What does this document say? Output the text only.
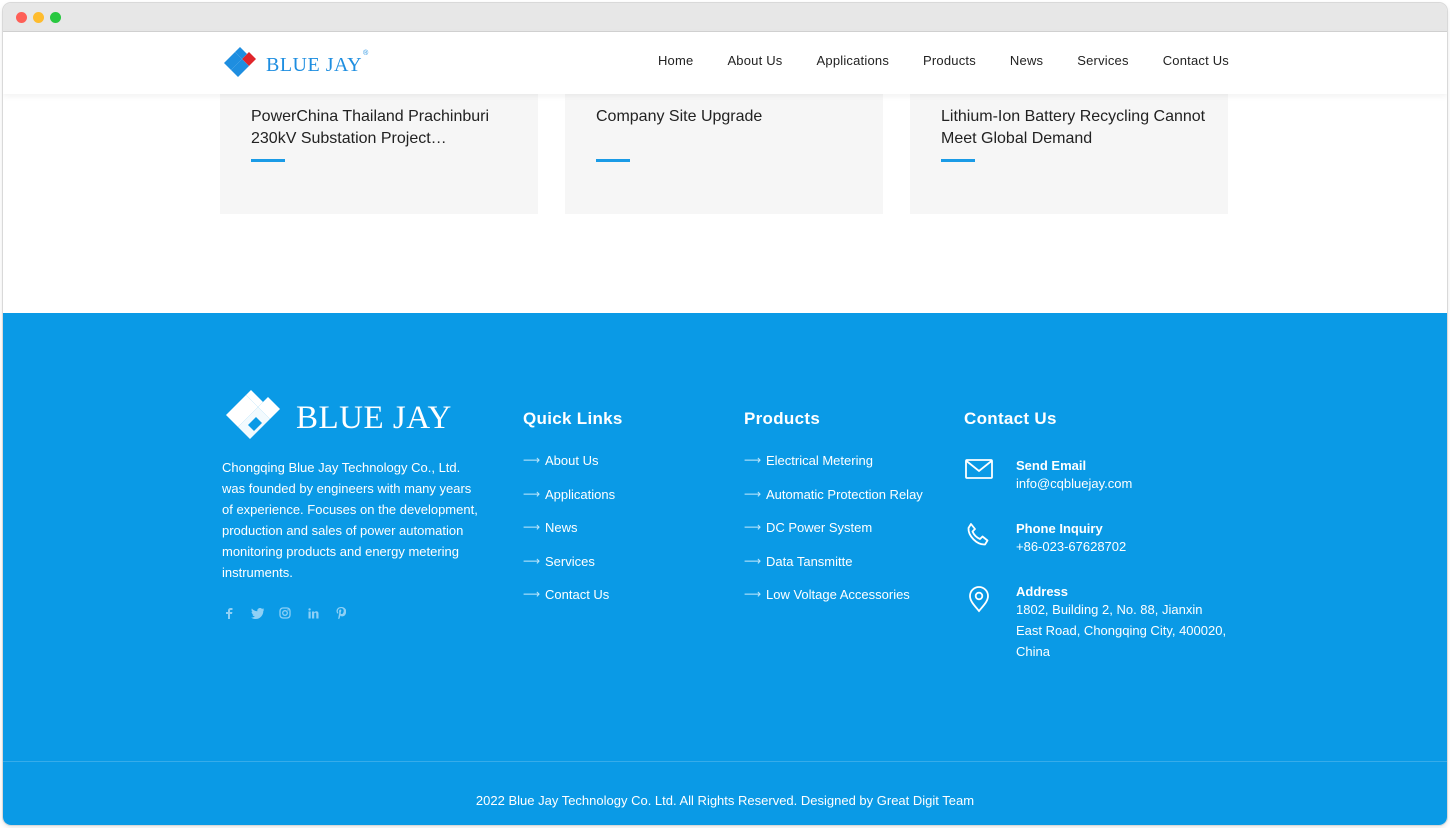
BLUE JAY
®	Home	About Us	Applications	Products	News	Services	Contact Us
PowerChina Thailand Prachinburi 230kV Substation Project…
Company Site Upgrade	Lithium-Ion Battery Recycling Cannot Meet Global Demand
BLUE JAY

Chongqing Blue Jay Technology Co., Ltd. was founded by engineers with many years of experience. Focuses on the development, production and sales of power automation monitoring products and energy metering instruments.

Quick Links
⟶ About Us
⟶ Applications
⟶ News
⟶ Services
⟶ Contact Us
Products
⟶ Electrical Metering
⟶ Automatic Protection Relay
⟶ DC Power System
⟶ Data Tansmitte
⟶ Low Voltage Accessories
Contact Us
Send Email
info@cqbluejay.com
Phone Inquiry
+86-023-67628702
Address
1802, Building 2, No. 88, Jianxin East Road, Chongqing City, 400020, China
2022 Blue Jay Technology Co. Ltd. All Rights Reserved. Designed by Great Digit Team
